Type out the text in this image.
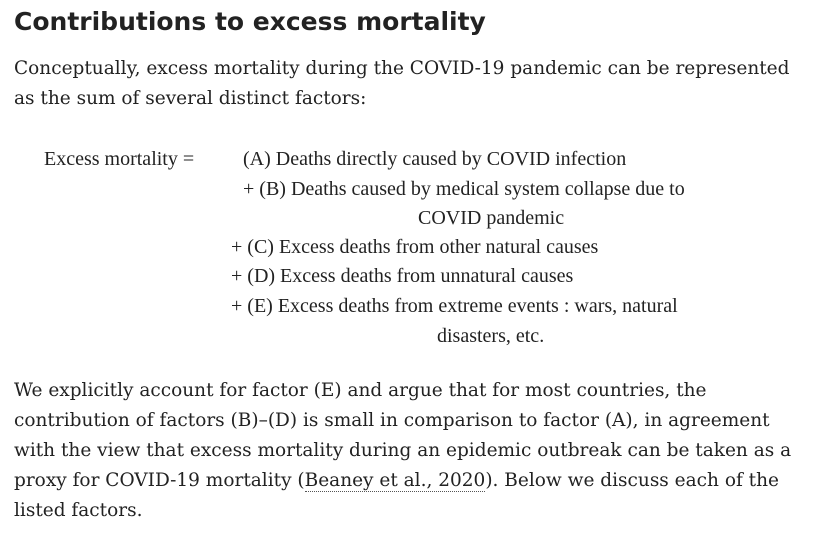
Contributions to excess mortality

Conceptually, excess mortality during the COVID-19 pandemic can be represented
as the sum of several distinct factors:

Excess mortality = (A) Deaths directly caused by COVID infection
+ (B) Deaths caused by medical system collapse due to
COVID pandemic
+ (C) Excess deaths from other natural causes
+ (D) Excess deaths from unnatural causes
+ (E) Excess deaths from extreme events : wars, natural
disasters, etc.

We explicitly account for factor (E) and argue that for most countries, the
contribution of factors (B)–(D) is small in comparison to factor (A), in agreement
with the view that excess mortality during an epidemic outbreak can be taken as a
proxy for COVID-19 mortality (Beaney et al., 2020). Below we discuss each of the
listed factors.
